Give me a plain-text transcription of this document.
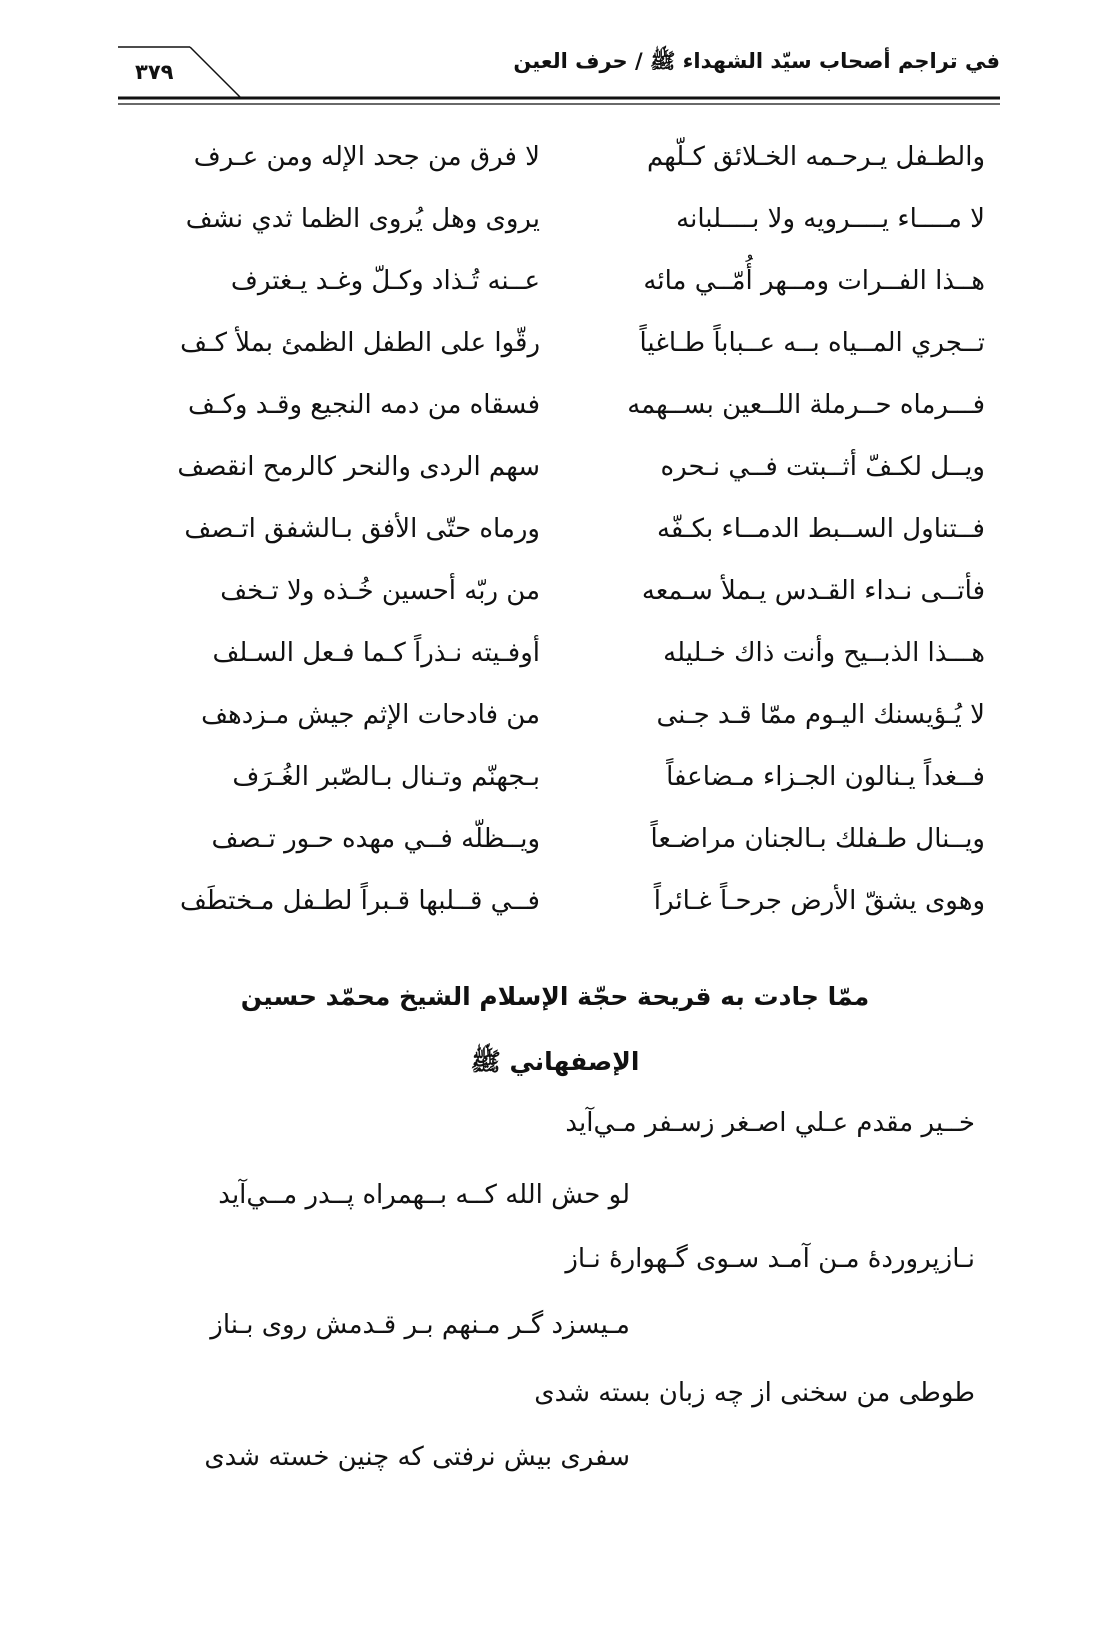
في تراجم أصحاب سيّد الشهداء ﷺ / حرف العين
٣٧٩
والطـفل يـرحـمه الخـلائق كـلّهم
لا فرق من جحد الإله ومن عـرف
لا مــــاء يــــرويه ولا بــــلبانه
يروى وهل يُروى الظما ثدي نشف
هــذا الفــرات ومــهر أُمّــي مائه
عــنه تُـذاد وكـلّ وغـد يـغترف
تــجري المــياه بــه عــباباً طـاغياً
رقّوا على الطفل الظمئ بملأ كـف
فـــرماه حــرملة اللــعين بســهمه
فسقاه من دمه النجيع وقـد وكـف
ويــل لكـفّ أثــبتت فــي نـحره
سهم الردى والنحر كالرمح انقصف
فــتناول الســبط الدمــاء بكـفّه
ورماه حتّى الأفق بـالشفق اتـصف
فأتــى نـداء القـدس يـملأ سـمعه
من ربّه أحسين خُـذه ولا تـخف
هـــذا الذبــيح وأنت ذاك خـليله
أوفـيته نـذراً كـما فـعل السـلف
لا يُـؤيسنك اليـوم ممّا قـد جـنى
من فادحات الإثم جيش مـزدهف
فــغداً يـنالون الجـزاء مـضاعفاً
بـجهنّم وتـنال بـالصّبر الغُـرَف
ويــنال طـفلك بـالجنان مراضـعاً
ويــظلّه فــي مهده حـور تـصف
وهوى يشقّ الأرض جرحـاً غـائراً
فــي قــلبها قـبراً لطـفل مـختطَف
ممّا جادت به قريحة حجّة الإسلام الشيخ محمّد حسين
الإصفهاني ﷺ
خــير مقدم عـلي اصـغر زسـفر مـي‌آيد
لو حش الله كــه بــهمراه پــدر مــي‌آيد
نـازپروردۀ مـن آمـد سـوى گـهوارۀ نـاز
مـيسزد گـر مـنهم بـر قـدمش روى بـناز
طوطى من سخنى از چه زبان بسته شدى
سفرى بيش نرفتى كه چنين خسته شدى
